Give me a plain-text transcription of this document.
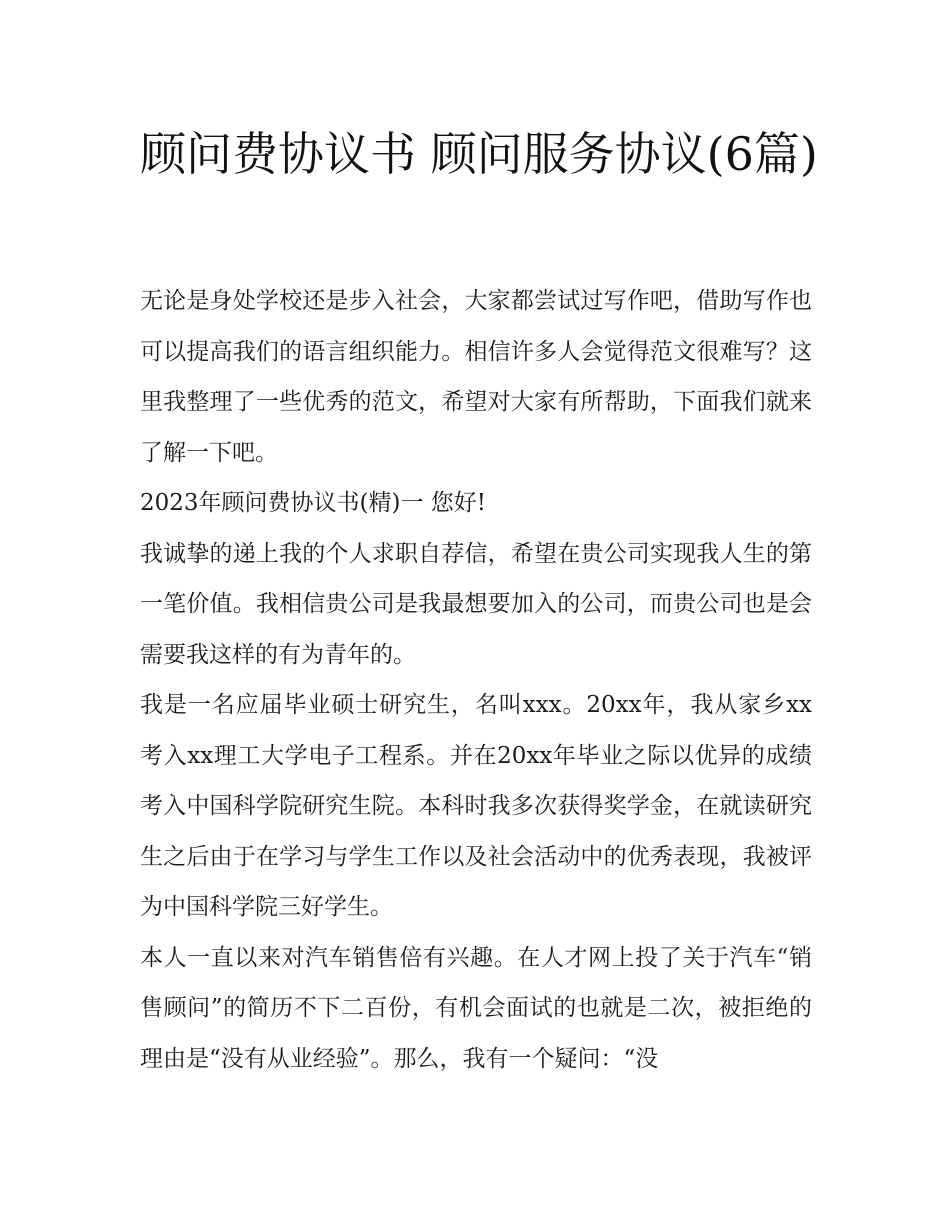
顾问费协议书 顾问服务协议(6篇)

无论是身处学校还是步入社会，大家都尝试过写作吧，借助写作也可以提高我们的语言组织能力。相信许多人会觉得范文很难写？这里我整理了一些优秀的范文，希望对大家有所帮助，下面我们就来了解一下吧。

2023年顾问费协议书(精)一 您好!

我诚挚的递上我的个人求职自荐信，希望在贵公司实现我人生的第一笔价值。我相信贵公司是我最想要加入的公司，而贵公司也是会需要我这样的有为青年的。

我是一名应届毕业硕士研究生，名叫xxx。20xx年，我从家乡xx考入xx理工大学电子工程系。并在20xx年毕业之际以优异的成绩考入中国科学院研究生院。本科时我多次获得奖学金，在就读研究生之后由于在学习与学生工作以及社会活动中的优秀表现，我被评为中国科学院三好学生。

本人一直以来对汽车销售倍有兴趣。在人才网上投了关于汽车“销售顾问”的简历不下二百份，有机会面试的也就是二次，被拒绝的理由是“没有从业经验”。那么，我有一个疑问：“没
